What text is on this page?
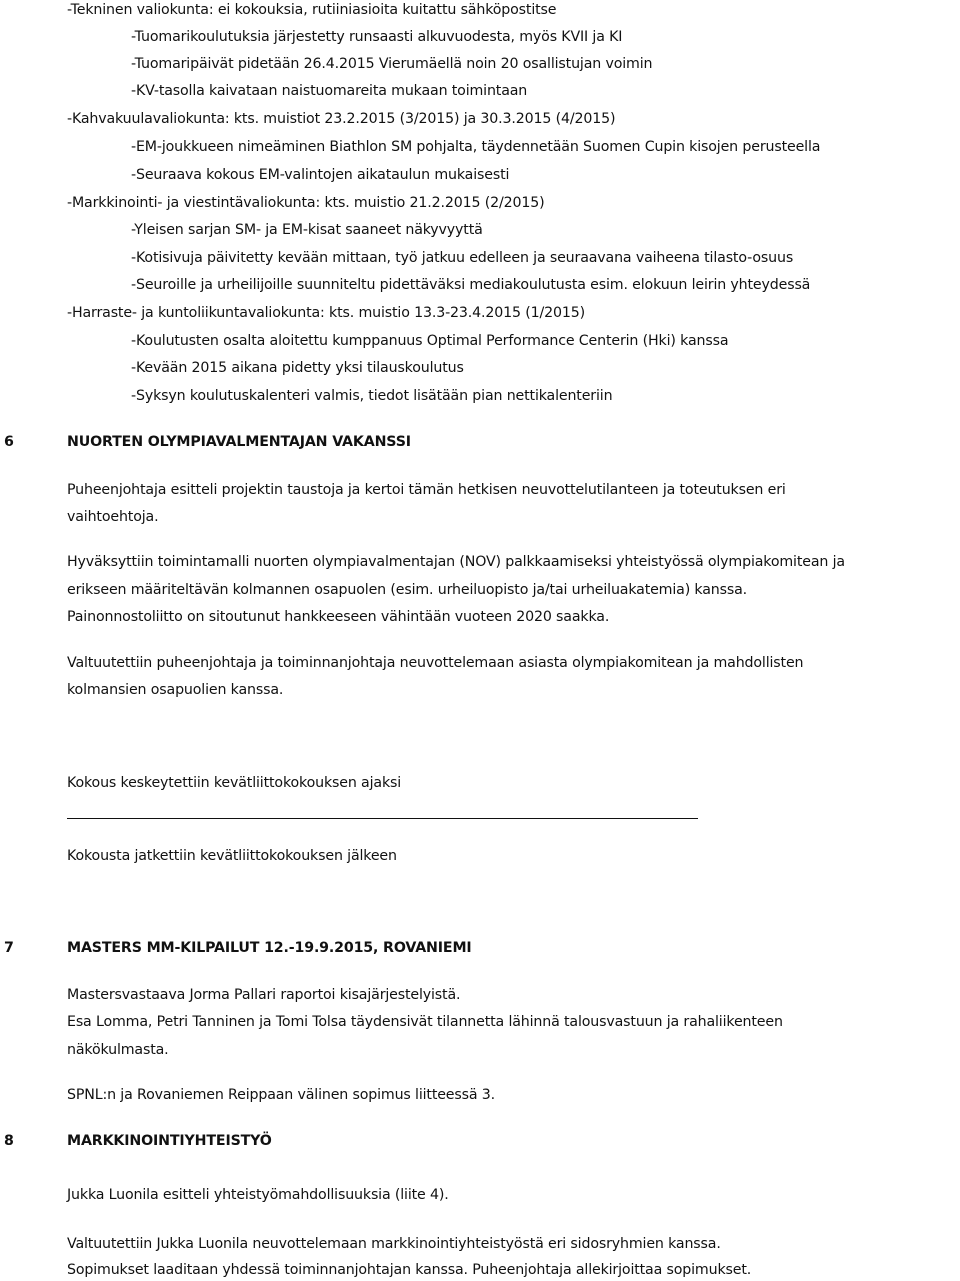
-Tekninen valiokunta: ei kokouksia, rutiiniasioita kuitattu sähköpostitse
-Tuomarikoulutuksia järjestetty runsaasti alkuvuodesta, myös KVII ja KI
-Tuomaripäivät pidetään 26.4.2015 Vierumäellä noin 20 osallistujan voimin
-KV-tasolla kaivataan naistuomareita mukaan toimintaan
-Kahvakuulavaliokunta: kts. muistiot 23.2.2015 (3/2015) ja 30.3.2015 (4/2015)
-EM-joukkueen nimeäminen Biathlon SM pohjalta, täydennetään Suomen Cupin kisojen perusteella
-Seuraava kokous EM-valintojen aikataulun mukaisesti
-Markkinointi- ja viestintävaliokunta: kts. muistio 21.2.2015 (2/2015)
-Yleisen sarjan SM- ja EM-kisat saaneet näkyvyyttä
-Kotisivuja päivitetty kevään mittaan, työ jatkuu edelleen ja seuraavana vaiheena tilasto-osuus
-Seuroille ja urheilijoille suunniteltu pidettäväksi mediakoulutusta esim. elokuun leirin yhteydessä
-Harraste- ja kuntoliikuntavaliokunta: kts. muistio 13.3-23.4.2015 (1/2015)
-Koulutusten osalta aloitettu kumppanuus Optimal Performance Centerin (Hki) kanssa
-Kevään 2015 aikana pidetty yksi tilauskoulutus
-Syksyn koulutuskalenteri valmis, tiedot lisätään pian nettikalenteriin
6	NUORTEN OLYMPIAVALMENTAJAN VAKANSSI
Puheenjohtaja esitteli projektin taustoja ja kertoi tämän hetkisen neuvottelutilanteen ja toteutuksen eri
vaihtoehtoja.
Hyväksyttiin toimintamalli nuorten olympiavalmentajan (NOV) palkkaamiseksi yhteistyössä olympiakomitean ja
erikseen määriteltävän kolmannen osapuolen (esim. urheiluopisto ja/tai urheiluakatemia) kanssa.
Painonnostoliitto on sitoutunut hankkeeseen vähintään vuoteen 2020 saakka.
Valtuutettiin puheenjohtaja ja toiminnanjohtaja neuvottelemaan asiasta olympiakomitean ja mahdollisten
kolmansien osapuolien kanssa.
Kokous keskeytettiin kevätliittokokouksen ajaksi
Kokousta jatkettiin kevätliittokokouksen jälkeen
7	MASTERS MM-KILPAILUT 12.-19.9.2015, ROVANIEMI
Mastersvastaava Jorma Pallari raportoi kisajärjestelyistä.
Esa Lomma, Petri Tanninen ja Tomi Tolsa täydensivät tilannetta lähinnä talousvastuun ja rahaliikenteen
näkökulmasta.
SPNL:n ja Rovaniemen Reippaan välinen sopimus liitteessä 3.
8	MARKKINOINTIYHTEISTYÖ
Jukka Luonila esitteli yhteistyömahdollisuuksia (liite 4).
Valtuutettiin Jukka Luonila neuvottelemaan markkinointiyhteistyöstä eri sidosryhmien kanssa.
Sopimukset laaditaan yhdessä toiminnanjohtajan kanssa. Puheenjohtaja allekirjoittaa sopimukset.
